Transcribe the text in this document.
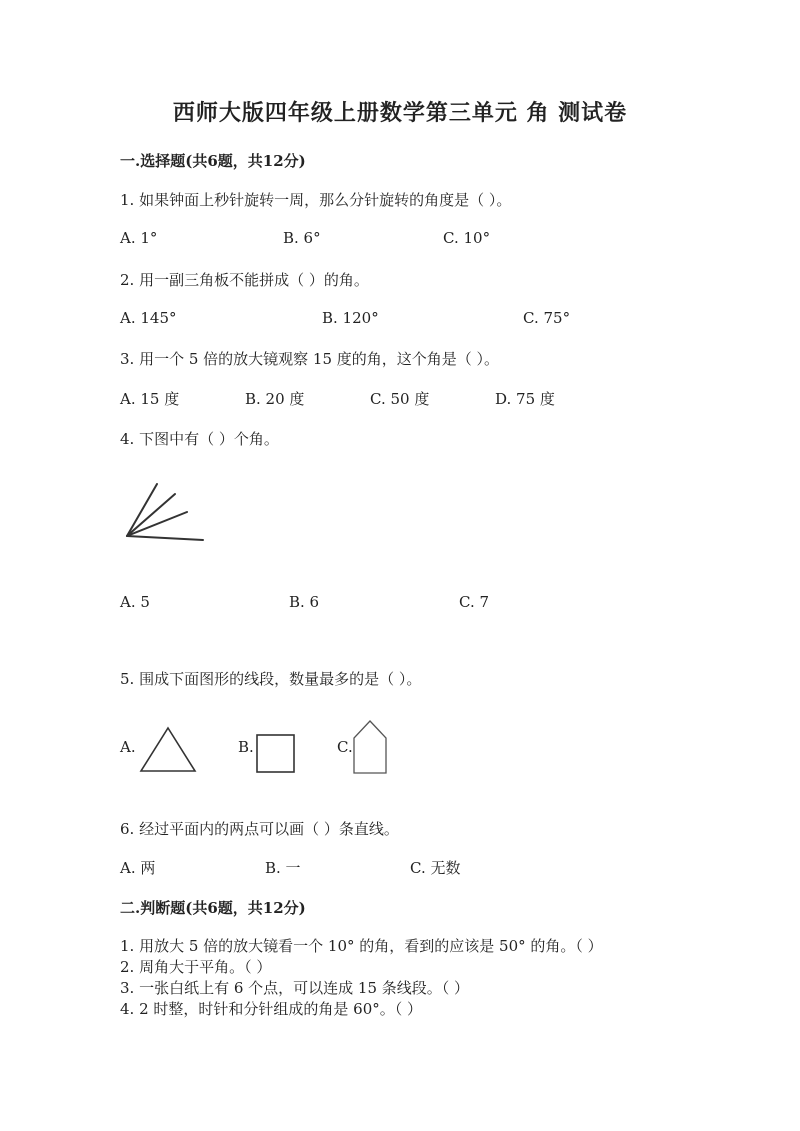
西师大版四年级上册数学第三单元 角 测试卷
一.选择题(共6题，共12分)
1. 如果钟面上秒针旋转一周，那么分针旋转的角度是（ ）。
A. 1°	B. 6°	C. 10°
2. 用一副三角板不能拼成（ ）的角。
A. 145°	B. 120°	C. 75°
3. 用一个 5 倍的放大镜观察 15 度的角，这个角是（ ）。
A. 15 度	B. 20 度	C. 50 度	D. 75 度
4. 下图中有（ ）个角。
A. 5	B. 6	C. 7
5. 围成下面图形的线段，数量最多的是（ ）。
A.	B.	C.
6. 经过平面内的两点可以画（ ）条直线。
A. 两	B. 一	C. 无数
二.判断题(共6题，共12分)
1. 用放大 5 倍的放大镜看一个 10° 的角，看到的应该是 50° 的角。（ ）
2. 周角大于平角。（ ）
3. 一张白纸上有 6 个点，可以连成 15 条线段。（ ）
4. 2 时整，时针和分针组成的角是 60°。（ ）
